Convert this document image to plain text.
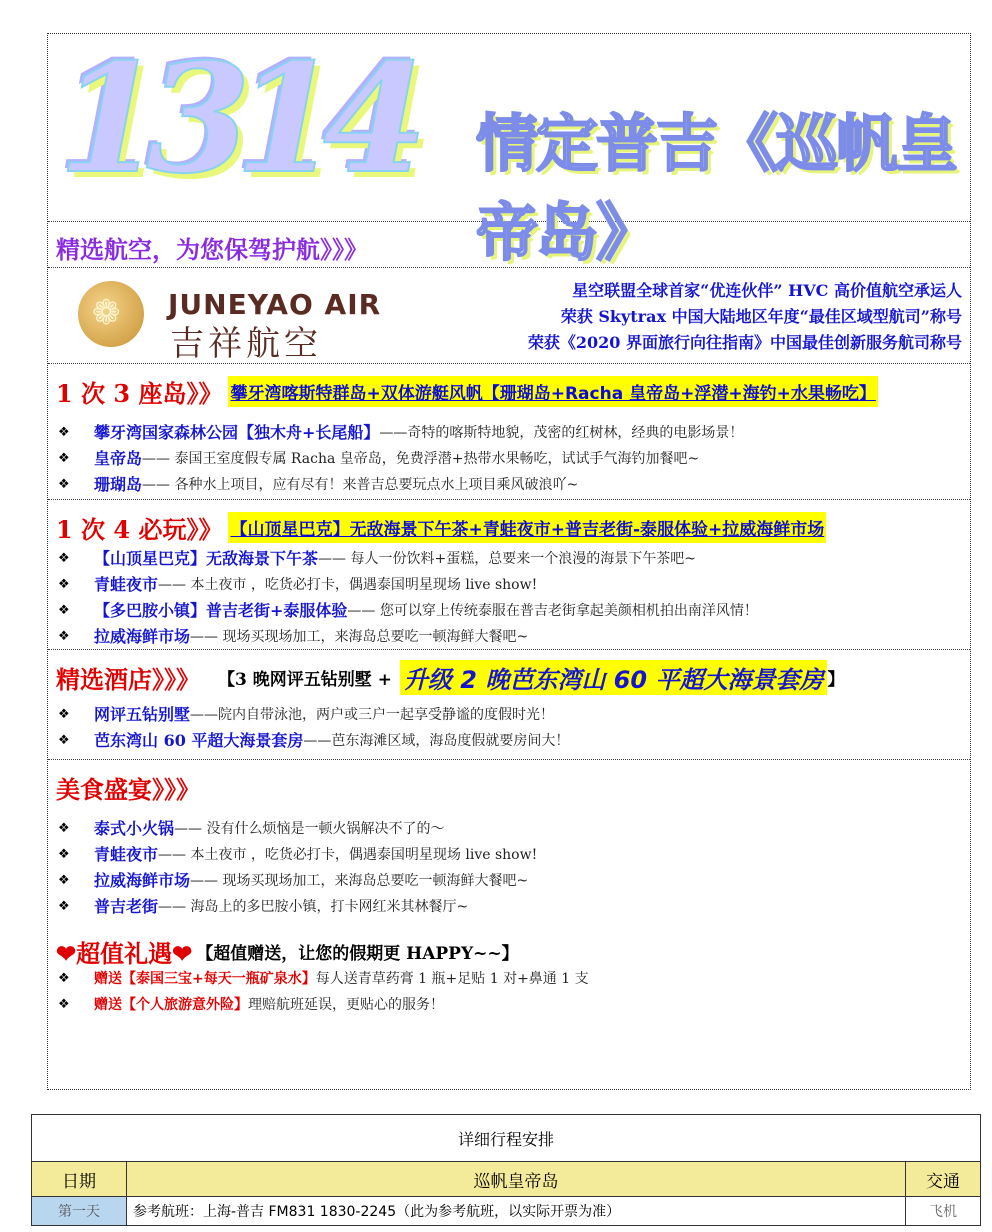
1314 情定普吉《巡帆皇帝岛》
精选航空，为您保驾护航》》》
❁ JUNEYAO AIR
吉祥航空
星空联盟全球首家“优连伙伴” HVC 高价值航空承运人
荣获 Skytrax 中国大陆地区年度“最佳区域型航司”称号
荣获《2020 界面旅行向往指南》中国最佳创新服务航司称号
1 次 3 座岛》》 攀牙湾喀斯特群岛+双体游艇风帆【珊瑚岛+Racha 皇帝岛+浮潜+海钓+水果畅吃】
❖	攀牙湾国家森林公园【独木舟+长尾船】 ——奇特的喀斯特地貌，茂密的红树林，经典的电影场景！
❖	皇帝岛 —— 泰国王室度假专属 Racha 皇帝岛，免费浮潜+热带水果畅吃，试试手气海钓加餐吧~
❖	珊瑚岛 —— 各种水上项目，应有尽有！来普吉总要玩点水上项目乘风破浪吖~
1 次 4 必玩》》 【山顶星巴克】无敌海景下午茶+青蛙夜市+普吉老街-泰服体验+拉威海鲜市场
❖	【山顶星巴克】无敌海景下午茶 —— 每人一份饮料+蛋糕，总要来一个浪漫的海景下午茶吧~
❖	青蛙夜市 —— 本土夜市 ，吃货必打卡，偶遇泰国明星现场 live show!
❖	【多巴胺小镇】普吉老街+泰服体验 —— 您可以穿上传统泰服在普吉老街拿起美颜相机拍出南洋风情！
❖	拉威海鲜市场 —— 现场买现场加工，来海岛总要吃一顿海鲜大餐吧~
精选酒店》》》 【3 晚网评五钻别墅 + 升级 2 晚芭东湾山 60 平超大海景套房 】
❖	网评五钻别墅 ——院内自带泳池，两户或三户一起享受静谧的度假时光！
❖	芭东湾山 60 平超大海景套房 ——芭东海滩区域，海岛度假就要房间大！
美食盛宴》》》
❖	泰式小火锅 —— 没有什么烦恼是一顿火锅解决不了的～
❖	青蛙夜市 —— 本土夜市 ，吃货必打卡，偶遇泰国明星现场 live show!
❖	拉威海鲜市场 —— 现场买现场加工，来海岛总要吃一顿海鲜大餐吧~
❖	普吉老街 —— 海岛上的多巴胺小镇，打卡网红米其林餐厅~
❤超值礼遇❤ 【超值赠送，让您的假期更 HAPPY~~】
❖	赠送【泰国三宝+每天一瓶矿泉水】 每人送青草药膏 1 瓶+足贴 1 对+鼻通 1 支
❖	赠送【个人旅游意外险】 理赔航班延误，更贴心的服务！
详细行程安排		
日期	巡帆皇帝岛	交通
第一天	参考航班：上海-普吉 FM831 1830-2245（此为参考航班，以实际开票为准）	飞机
